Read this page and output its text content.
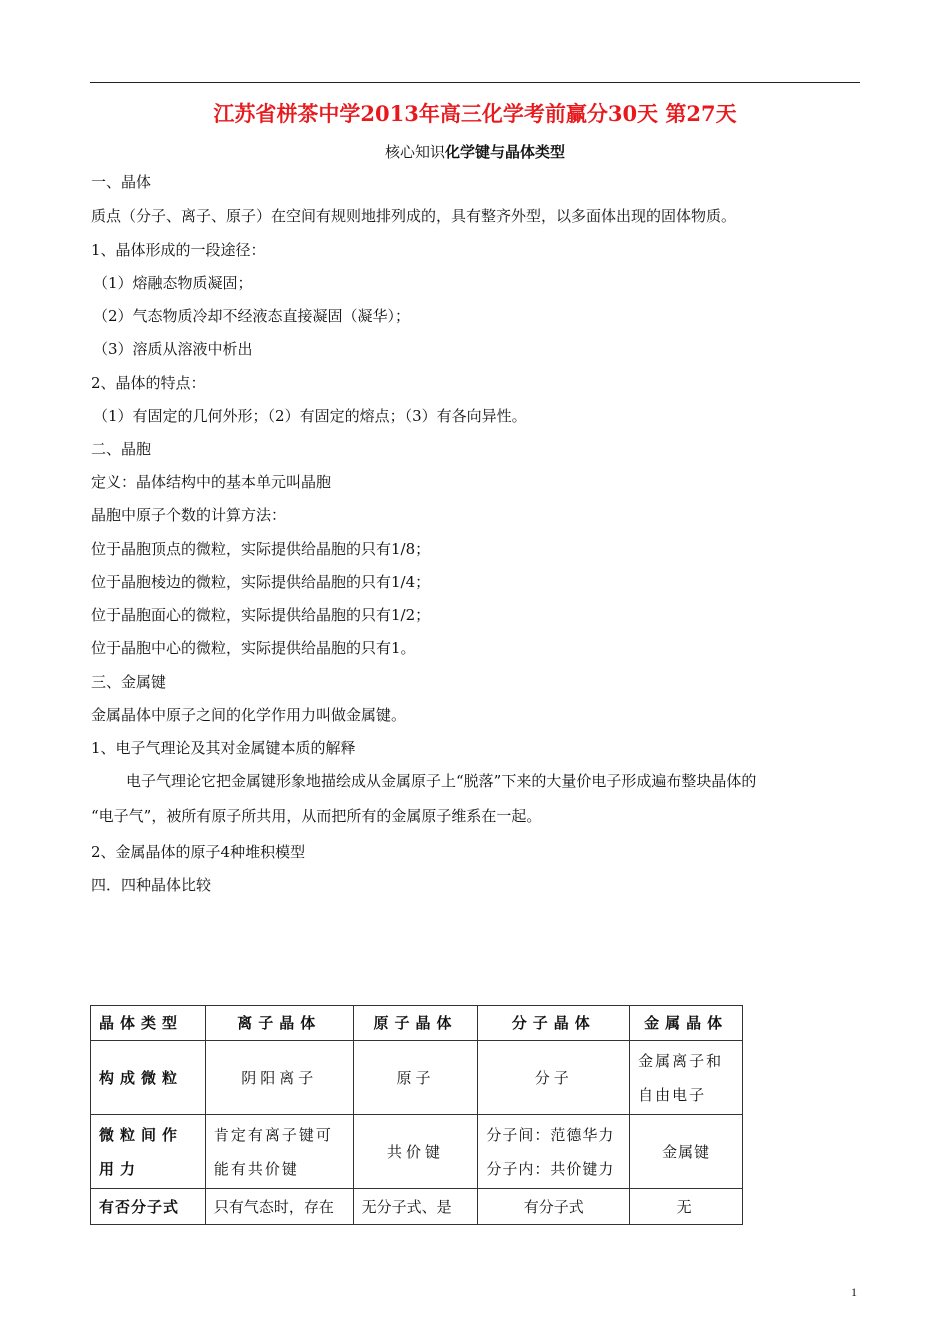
江苏省栟茶中学2013年高三化学考前赢分30天 第27天
核心知识化学键与晶体类型
一、晶体
质点（分子、离子、原子）在空间有规则地排列成的，具有整齐外型，以多面体出现的固体物质。
1、晶体形成的一段途径：
（1）熔融态物质凝固；
（2）气态物质冷却不经液态直接凝固（凝华）；
（3）溶质从溶液中析出
2、晶体的特点：
（1）有固定的几何外形；（2）有固定的熔点；（3）有各向异性。
二、晶胞
定义：晶体结构中的基本单元叫晶胞
晶胞中原子个数的计算方法：
位于晶胞顶点的微粒，实际提供给晶胞的只有1/8；
位于晶胞棱边的微粒，实际提供给晶胞的只有1/4；
位于晶胞面心的微粒，实际提供给晶胞的只有1/2；
位于晶胞中心的微粒，实际提供给晶胞的只有1。
三、金属键
金属晶体中原子之间的化学作用力叫做金属键。
1、电子气理论及其对金属键本质的解释
电子气理论它把金属键形象地描绘成从金属原子上“脱落”下来的大量价电子形成遍布整块晶体的
“电子气”，被所有原子所共用，从而把所有的金属原子维系在一起。
2、金属晶体的原子4种堆积模型
四．四种晶体比较
晶体类型	离子晶体	原子晶体	分子晶体	金属晶体
构成微粒	阴阳离子	原子	分子	金属离子和自由电子
微粒间作用力	肯定有离子键可能有共价键	共价键	分子间：范德华力 分子内：共价键力	金属键
有否分子式	只有气态时，存在	无分子式、是	有分子式	无
1
